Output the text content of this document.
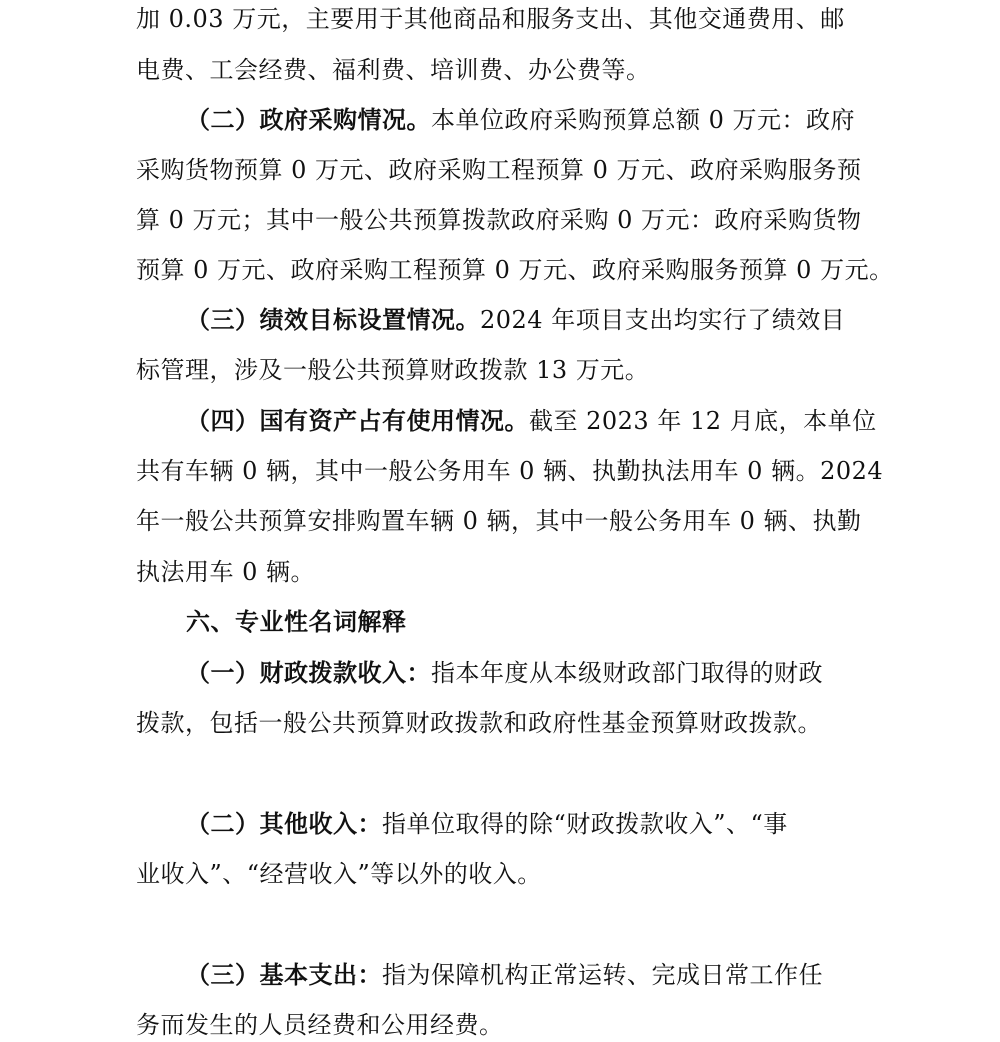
加 0.03 万元，主要用于其他商品和服务支出、其他交通费用、邮
电费、工会经费、福利费、培训费、办公费等。
（二）政府采购情况。本单位政府采购预算总额 0 万元：政府
采购货物预算 0 万元、政府采购工程预算 0 万元、政府采购服务预
算 0 万元；其中一般公共预算拨款政府采购 0 万元：政府采购货物
预算 0 万元、政府采购工程预算 0 万元、政府采购服务预算 0 万元。
（三）绩效目标设置情况。2024 年项目支出均实行了绩效目
标管理，涉及一般公共预算财政拨款 13 万元。
（四）国有资产占有使用情况。截至 2023 年 12 月底，本单位
共有车辆 0 辆，其中一般公务用车 0 辆、执勤执法用车 0 辆。2024
年一般公共预算安排购置车辆 0 辆，其中一般公务用车 0 辆、执勤
执法用车 0 辆。
六、专业性名词解释
（一）财政拨款收入：指本年度从本级财政部门取得的财政
拨款，包括一般公共预算财政拨款和政府性基金预算财政拨款。
（二）其他收入：指单位取得的除“财政拨款收入”、“事
业收入”、“经营收入”等以外的收入。
（三）基本支出：指为保障机构正常运转、完成日常工作任
务而发生的人员经费和公用经费。
